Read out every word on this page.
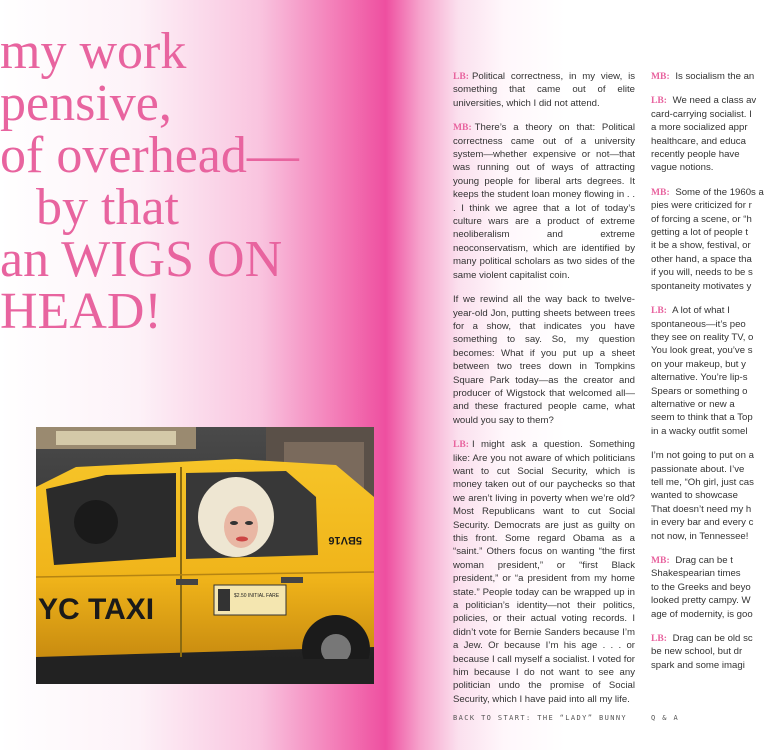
my work
pensive,
of overhead—
by that
an WIGS ON
HEAD!
$2.50 INITIAL FARE
YC TAXI
5BV16

LB: Political correctness, in my view, is something that came out of elite universities, which I did not attend.

MB: There’s a theory on that: Political correctness came out of a university system—whether expensive or not—that was running out of ways of attracting young people for liberal arts degrees. It keeps the student loan money flowing in . . . I think we agree that a lot of today’s culture wars are a product of extreme neoliberalism and extreme neoconservatism, which are identified by many political scholars as two sides of the same violent capitalist coin.

If we rewind all the way back to twelve-year-old Jon, putting sheets between trees for a show, that indicates you have something to say. So, my question becomes: What if you put up a sheet between two trees down in Tompkins Square Park today—as the creator and producer of Wigstock that welcomed all—and these fractured people came, what would you say to them?

LB: I might ask a question. Something like: Are you not aware of which politicians want to cut Social Security, which is money taken out of our paychecks so that we aren’t living in poverty when we’re old? Most Republicans want to cut Social Security. Democrats are just as guilty on this front. Some regard Obama as a “saint.” Others focus on wanting “the first woman president,” or “first Black president,” or “a president from my home state.” People today can be wrapped up in a politician’s identity—not their politics, policies, or their actual voting records. I didn’t vote for Bernie Sanders because I’m a Jew. Or because I’m his age . . . or because I call myself a socialist. I voted for him because I do not want to see any politician undo the promise of Social Security, which I have paid into all my life.

MB: Is socialism the an

LB: We need a class av
card-carrying socialist. I
a more socialized appr
healthcare, and educa
recently people have
vague notions.

MB: Some of the 1960s a
pies were criticized for r
of forcing a scene, or “h
getting a lot of people t
it be a show, festival, or
other hand, a space tha
if you will, needs to be s
spontaneity motivates y

LB: A lot of what I
spontaneous—it’s peo
they see on reality TV, o
You look great, you’ve s
on your makeup, but y
alternative. You’re lip-s
Spears or something o
alternative or new a
seem to think that a Top
in a wacky outfit somel

I’m not going to put on a
passionate about. I’ve
tell me, “Oh girl, just cas
wanted to showcase
That doesn’t need my h
in every bar and every c
not now, in Tennessee!

MB: Drag can be t
Shakespearian times
to the Greeks and beyo
looked pretty campy. W
age of modernity, is goo

LB: Drag can be old sc
be new school, but dr
spark and some imagi

BACK TO START: THE “LADY” BUNNY	Q & A
